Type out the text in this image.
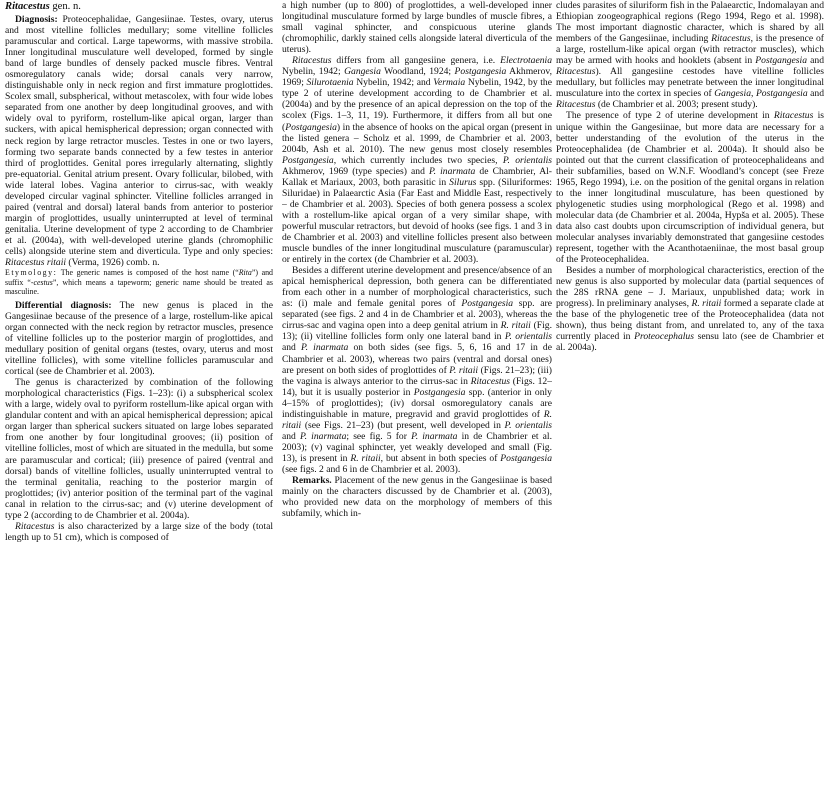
Ritacestus gen. n.

Diagnosis: Proteocephalidae, Gangesiinae. Testes, ovary, uterus and most vitelline follicles medullary; some vitelline follicles paramuscular and cortical. Large tapeworms, with massive strobila. Inner longitudinal musculature well developed, formed by single band of large bundles of densely packed muscle fibres. Ventral osmoregulatory canals wide; dorsal canals very narrow, distinguishable only in neck region and first immature proglottides. Scolex small, subspherical, without metascolex, with four wide lobes separated from one another by deep longitudinal grooves, and with widely oval to pyriform, rostellum-like apical organ, larger than suckers, with apical hemispherical depression; organ connected with neck region by large retractor muscles. Testes in one or two layers, forming two separate bands connected by a few testes in anterior third of proglottides. Genital pores irregularly alternating, slightly pre-equatorial. Genital atrium present. Ovary follicular, bilobed, with wide lateral lobes. Vagina anterior to cirrus-sac, with weakly developed circular vaginal sphincter. Vitelline follicles arranged in paired (ventral and dorsal) lateral bands from anterior to posterior margin of proglottides, usually uninterrupted at level of terminal genitalia. Uterine development of type 2 according to de Chambrier et al. (2004a), with well-developed uterine glands (chromophilic cells) alongside uterine stem and diverticula. Type and only species: Ritacestus ritaii (Verma, 1926) comb. n.

Etymology: The generic names is composed of the host name (“Rita”) and suffix “-cestus”, which means a tapeworm; generic name should be treated as masculine.

Differential diagnosis: The new genus is placed in the Gangesiinae because of the presence of a large, rostellum-like apical organ connected with the neck region by retractor muscles, presence of vitelline follicles up to the posterior margin of proglottides, and medullary position of genital organs (testes, ovary, uterus and most vitelline follicles), with some vitelline follicles paramuscular and cortical (see de Chambrier et al. 2003).

The genus is characterized by combination of the following morphological characteristics (Figs. 1–23): (i) a subspherical scolex with a large, widely oval to pyriform rostellum-like apical organ with glandular content and with an apical hemispherical depression; apical organ larger than spherical suckers situated on large lobes separated from one another by four longitudinal grooves; (ii) position of vitelline follicles, most of which are situated in the medulla, but some are paramuscular and cortical; (iii) presence of paired (ventral and dorsal) bands of vitelline follicles, usually uninterrupted ventral to the terminal genitalia, reaching to the posterior margin of proglottides; (iv) anterior position of the terminal part of the vaginal canal in relation to the cirrus-sac; and (v) uterine development of type 2 (according to de Chambrier et al. 2004a).

Ritacestus is also characterized by a large size of the body (total length up to 51 cm), which is composed of

a high number (up to 800) of proglottides, a well-developed inner longitudinal musculature formed by large bundles of muscle fibres, a small vaginal sphincter, and conspicuous uterine glands (chromophilic, darkly stained cells alongside lateral diverticula of the uterus).

Ritacestus differs from all gangesiine genera, i.e. Electrotaenia Nybelin, 1942; Gangesia Woodland, 1924; Postgangesia Akhmerov, 1969; Silurotaenia Nybelin, 1942; and Vermaia Nybelin, 1942, by the type 2 of uterine development according to de Chambrier et al. (2004a) and by the presence of an apical depression on the top of the scolex (Figs. 1–3, 11, 19). Furthermore, it differs from all but one (Postgangesia) in the absence of hooks on the apical organ (present in the listed genera – Scholz et al. 1999, de Chambrier et al. 2003, 2004b, Ash et al. 2010). The new genus most closely resembles Postgangesia, which currently includes two species, P. orientalis Akhmerov, 1969 (type species) and P. inarmata de Chambrier, Al-Kallak et Mariaux, 2003, both parasitic in Silurus spp. (Siluriformes: Siluridae) in Palaearctic Asia (Far East and Middle East, respectively – de Chambrier et al. 2003). Species of both genera possess a scolex with a rostellum-like apical organ of a very similar shape, with powerful muscular retractors, but devoid of hooks (see figs. 1 and 3 in de Chambrier et al. 2003) and vitelline follicles present also between muscle bundles of the inner longitudinal musculature (paramuscular) or entirely in the cortex (de Chambrier et al. 2003).

Besides a different uterine development and presence/absence of an apical hemispherical depression, both genera can be differentiated from each other in a number of morphological characteristics, such as: (i) male and female genital pores of Postgangesia spp. are separated (see figs. 2 and 4 in de Chambrier et al. 2003), whereas the cirrus-sac and vagina open into a deep genital atrium in R. ritaii (Fig. 13); (ii) vitelline follicles form only one lateral band in P. orientalis and P. inarmata on both sides (see figs. 5, 6, 16 and 17 in de Chambrier et al. 2003), whereas two pairs (ventral and dorsal ones) are present on both sides of proglottides of P. ritaii (Figs. 21–23); (iii) the vagina is always anterior to the cirrus-sac in Ritacestus (Figs. 12–14), but it is usually posterior in Postgangesia spp. (anterior in only 4–15% of proglottides); (iv) dorsal osmoregulatory canals are indistinguishable in mature, pregravid and gravid proglottides of R. ritaii (see Figs. 21–23) (but present, well developed in P. orientalis and P. inarmata; see fig. 5 for P. inarmata in de Chambrier et al. 2003); (v) vaginal sphincter, yet weakly developed and small (Fig. 13), is present in R. ritaii, but absent in both species of Postgangesia (see figs. 2 and 6 in de Chambrier et al. 2003).

Remarks. Placement of the new genus in the Gangesiinae is based mainly on the characters discussed by de Chambrier et al. (2003), who provided new data on the morphology of members of this subfamily, which in-

cludes parasites of siluriform fish in the Palaearctic, Indomalayan and Ethiopian zoogeographical regions (Rego 1994, Rego et al. 1998). The most important diagnostic character, which is shared by all members of the Gangesiinae, including Ritacestus, is the presence of a large, rostellum-like apical organ (with retractor muscles), which may be armed with hooks and hooklets (absent in Postgangesia and Ritacestus). All gangesiine cestodes have vitelline follicles medullary, but follicles may penetrate between the inner longitudinal musculature into the cortex in species of Gangesia, Postgangesia and Ritacestus (de Chambrier et al. 2003; present study).

The presence of type 2 of uterine development in Ritacestus is unique within the Gangesiinae, but more data are necessary for a better understanding of the evolution of the uterus in the Proteocephalidea (de Chambrier et al. 2004a). It should also be pointed out that the current classification of proteocephalideans and their subfamilies, based on W.N.F. Woodland’s concept (see Freze 1965, Rego 1994), i.e. on the position of the genital organs in relation to the inner longitudinal musculature, has been questioned by phylogenetic studies using morphological (Rego et al. 1998) and molecular data (de Chambrier et al. 2004a, Hypša et al. 2005). These data also cast doubts upon circumscription of individual genera, but molecular analyses invariably demonstrated that gangesiine cestodes represent, together with the Acanthotaeniinae, the most basal group of the Proteocephalidea.

Besides a number of morphological characteristics, erection of the new genus is also supported by molecular data (partial sequences of the 28S rRNA gene – J. Mariaux, unpublished data; work in progress). In preliminary analyses, R. ritaii formed a separate clade at the base of the phylogenetic tree of the Proteocephalidea (data not shown), thus being distant from, and unrelated to, any of the taxa currently placed in Proteocephalus sensu lato (see de Chambrier et al. 2004a).
